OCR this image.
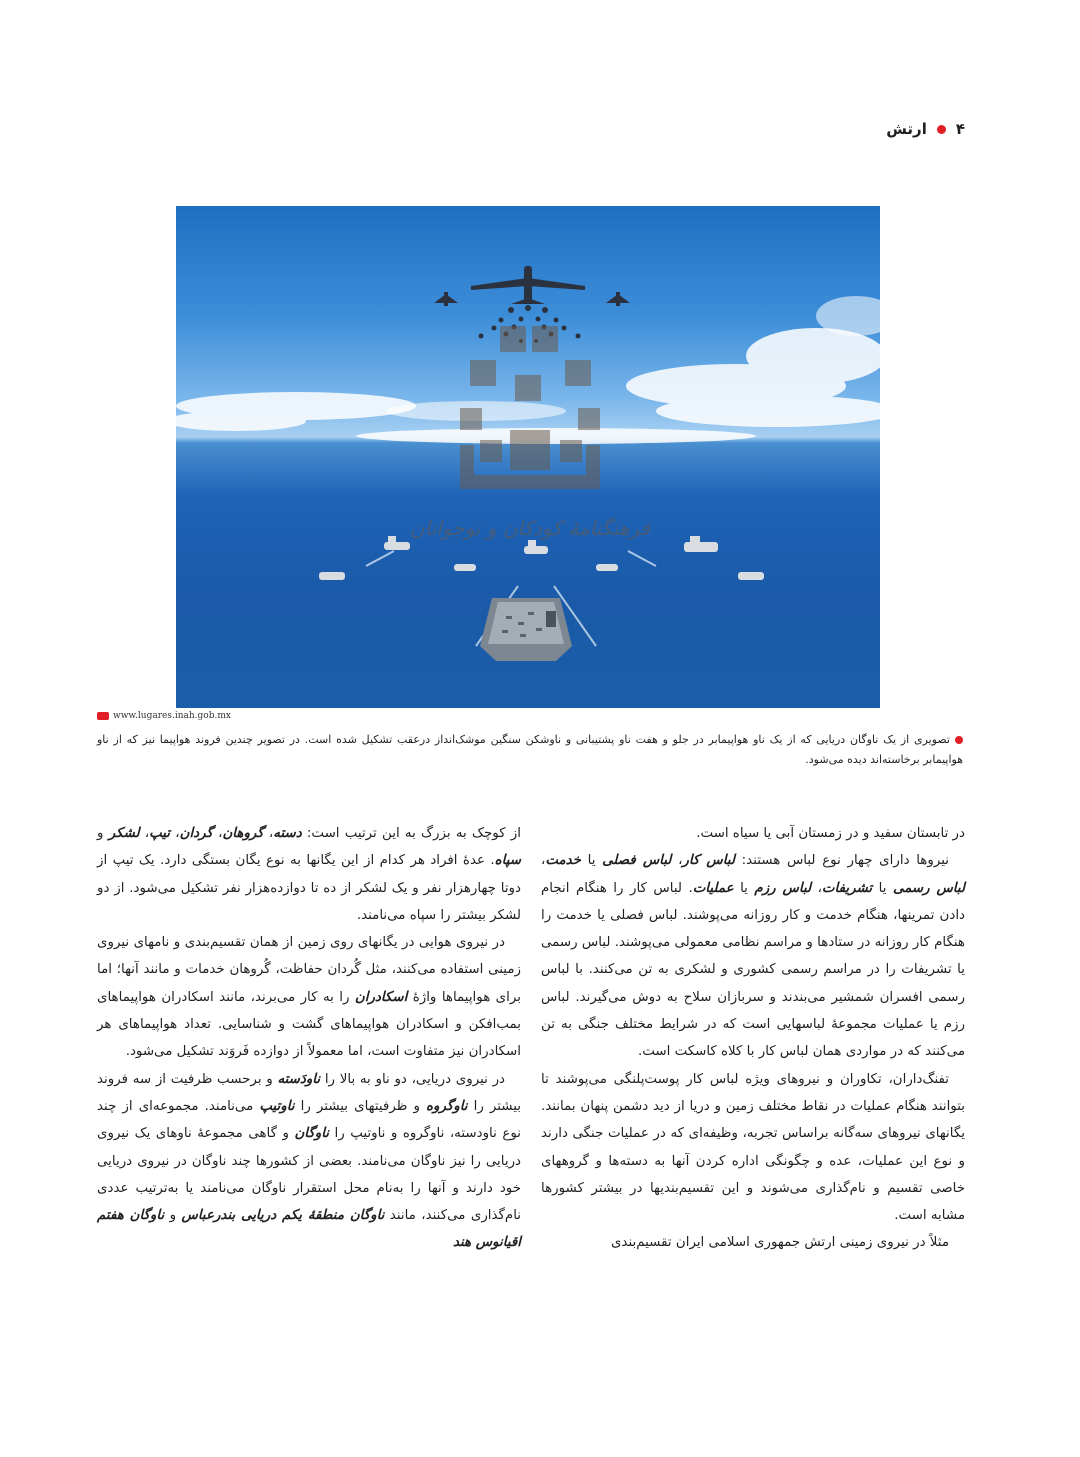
۴
ارتش
فرهنگنامهٔ کودکان و نوجوانان
www.lugares.inah.gob.mx
تصویری از یک ناوگان دریایی که از یک ناو هواپیمابر در جلو و هفت ناو پشتیبانی و ناوشکن سنگین موشک‌انداز درعقب تشکیل شده است. در تصویر چندین فروند هواپیما نیز که از ناو هواپیمابر برخاسته‌اند دیده می‌شود.

در تابستان سفید و در زمستان آبی یا سیاه است.

نیروها دارای چهار نوع لباس هستند: لباس کار، لباس فصلی یا خدمت، لباس رسمی یا تشریفات، لباس رزم یا عملیات. لباس کار را هنگام انجام دادن تمرینها، هنگام خدمت و کار روزانه می‌پوشند. لباس فصلی یا خدمت را هنگام کار روزانه در ستادها و مراسم نظامی معمولی می‌پوشند. لباس رسمی یا تشریفات را در مراسم رسمی کشوری و لشکری به تن می‌کنند. با لباس رسمی افسران شمشیر می‌بندند و سربازان سلاح به دوش می‌گیرند. لباس رزم یا عملیات مجموعهٔ لباسهایی است که در شرایط مختلف جنگی به تن می‌کنند که در مواردی همان لباس کار با کلاه کاسکت است.

تفنگ‌داران، تکاوران و نیروهای ویژه لباس کار پوست‌پلنگی می‌پوشند تا بتوانند هنگام عملیات در نقاط مختلف زمین و دریا از دید دشمن پنهان بمانند. یگانهای نیروهای سه‌گانه براساس تجربه، وظیفه‌ای که در عملیات جنگی دارند و نوع این عملیات، عده و چگونگی اداره کردن آنها به دسته‌ها و گروههای خاصی تقسیم و نام‌گذاری می‌شوند و این تقسیم‌بندیها در بیشتر کشورها مشابه است.

مثلاً در نیروی زمینی ارتش جمهوری اسلامی ایران تقسیم‌بندی

از کوچک به بزرگ به این ترتیب است: دسته، گروهان، گردان، تیپ، لشکر و سپاه. عدهٔ افراد هر کدام از این یگانها به نوع یگان بستگی دارد. یک تیپ از دوتا چهارهزار نفر و یک لشکر از ده تا دوازده‌هزار نفر تشکیل می‌شود. از دو لشکر بیشتر را سپاه می‌نامند.

در نیروی هوایی در یگانهای روی زمین از همان تقسیم‌بندی و نامهای نیروی زمینی استفاده می‌کنند، مثل گُردان حفاظت، گُروهان خدمات و مانند آنها؛ اما برای هواپیماها واژهٔ اسکادران را به کار می‌برند، مانند اسکادران هواپیماهای بمب‌افکن و اسکادران هواپیماهای گشت و شناسایی. تعداد هواپیماهای هر اسکادران نیز متفاوت است، اما معمولاً از دوازده فَروَند تشکیل می‌شود.

در نیروی دریایی، دو ناو به بالا را ناودَسته و برحسب ظرفیت از سه فروند بیشتر را ناوگروه و ظرفیتهای بیشتر را ناوتیپ می‌نامند. مجموعه‌ای از چند نوع ناودسته، ناوگروه و ناوتیپ را ناوگان و گاهی مجموعهٔ ناوهای یک نیروی دریایی را نیز ناوگان می‌نامند. بعضی از کشورها چند ناوگان در نیروی دریایی خود دارند و آنها را به‌نام محل استقرار ناوگان می‌نامند یا به‌ترتیب عددی نام‌گذاری می‌کنند، مانند ناوگان منطقهٔ یکم دریایی بندرعباس و ناوگان هفتم اقیانوس هند
